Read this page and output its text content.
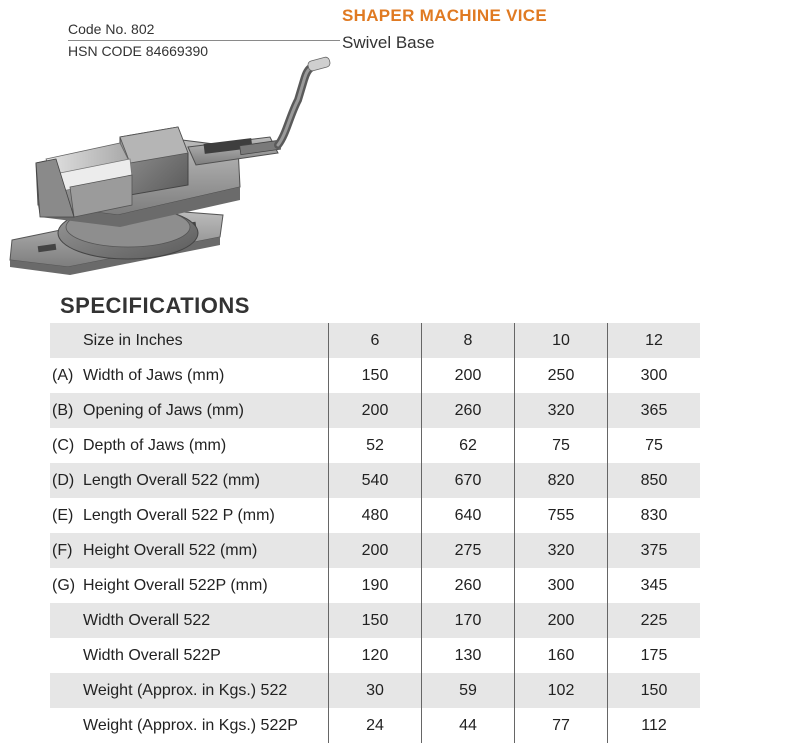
Code No. 802
HSN CODE 84669390
SHAPER MACHINE VICE
Swivel Base
SPECIFICATIONS
Size in Inches	6	8	10	12

(A) Width of Jaws (mm)	150	200	250	300

(B) Opening of Jaws (mm)	200	260	320	365

(C) Depth of Jaws (mm)	52	62	75	75

(D) Length Overall 522 (mm)	540	670	820	850

(E) Length Overall 522 P (mm)	480	640	755	830

(F) Height Overall 522 (mm)	200	275	320	375

(G) Height Overall 522P (mm)	190	260	300	345

Width Overall 522	150	170	200	225

Width Overall 522P	120	130	160	175

Weight (Approx. in Kgs.) 522	30	59	102	150

Weight (Approx. in Kgs.) 522P	24	44	77	112
